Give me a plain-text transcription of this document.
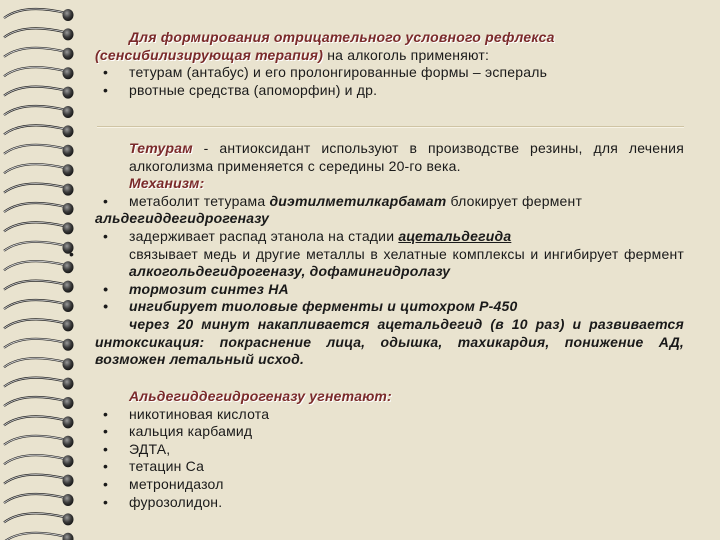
Для формирования отрицательного условного рефлекса
(сенсибилизирующая терапия) на алкоголь применяют:
• тетурам (антабус) и его пролонгированные формы – эспераль
• рвотные средства (апоморфин) и др.
Тетурам - антиоксидант используют в производстве резины, для лечения алкоголизма применяется с середины 20-го века.
Механизм:
• метаболит тетурама диэтилметилкарбамат блокирует фермент
альдегиддегидрогеназу
• задерживает распад этанола на стадии ацетальдегида
• связывает медь и другие металлы в хелатные комплексы и ингибирует фермент алкогольдегидрогеназу, дофамингидролазу
• тормозит синтез НА
• ингибирует тиоловые ферменты и цитохром Р-450
через 20 минут накапливается ацетальдегид (в 10 раз) и развивается интоксикация: покраснение лица, одышка, тахикардия, понижение АД, возможен летальный исход.
Альдегиддегидрогеназу угнетают:
• никотиновая кислота
• кальция карбамид
• ЭДТА,
• тетацин Са
• метронидазол
• фурозолидон.
